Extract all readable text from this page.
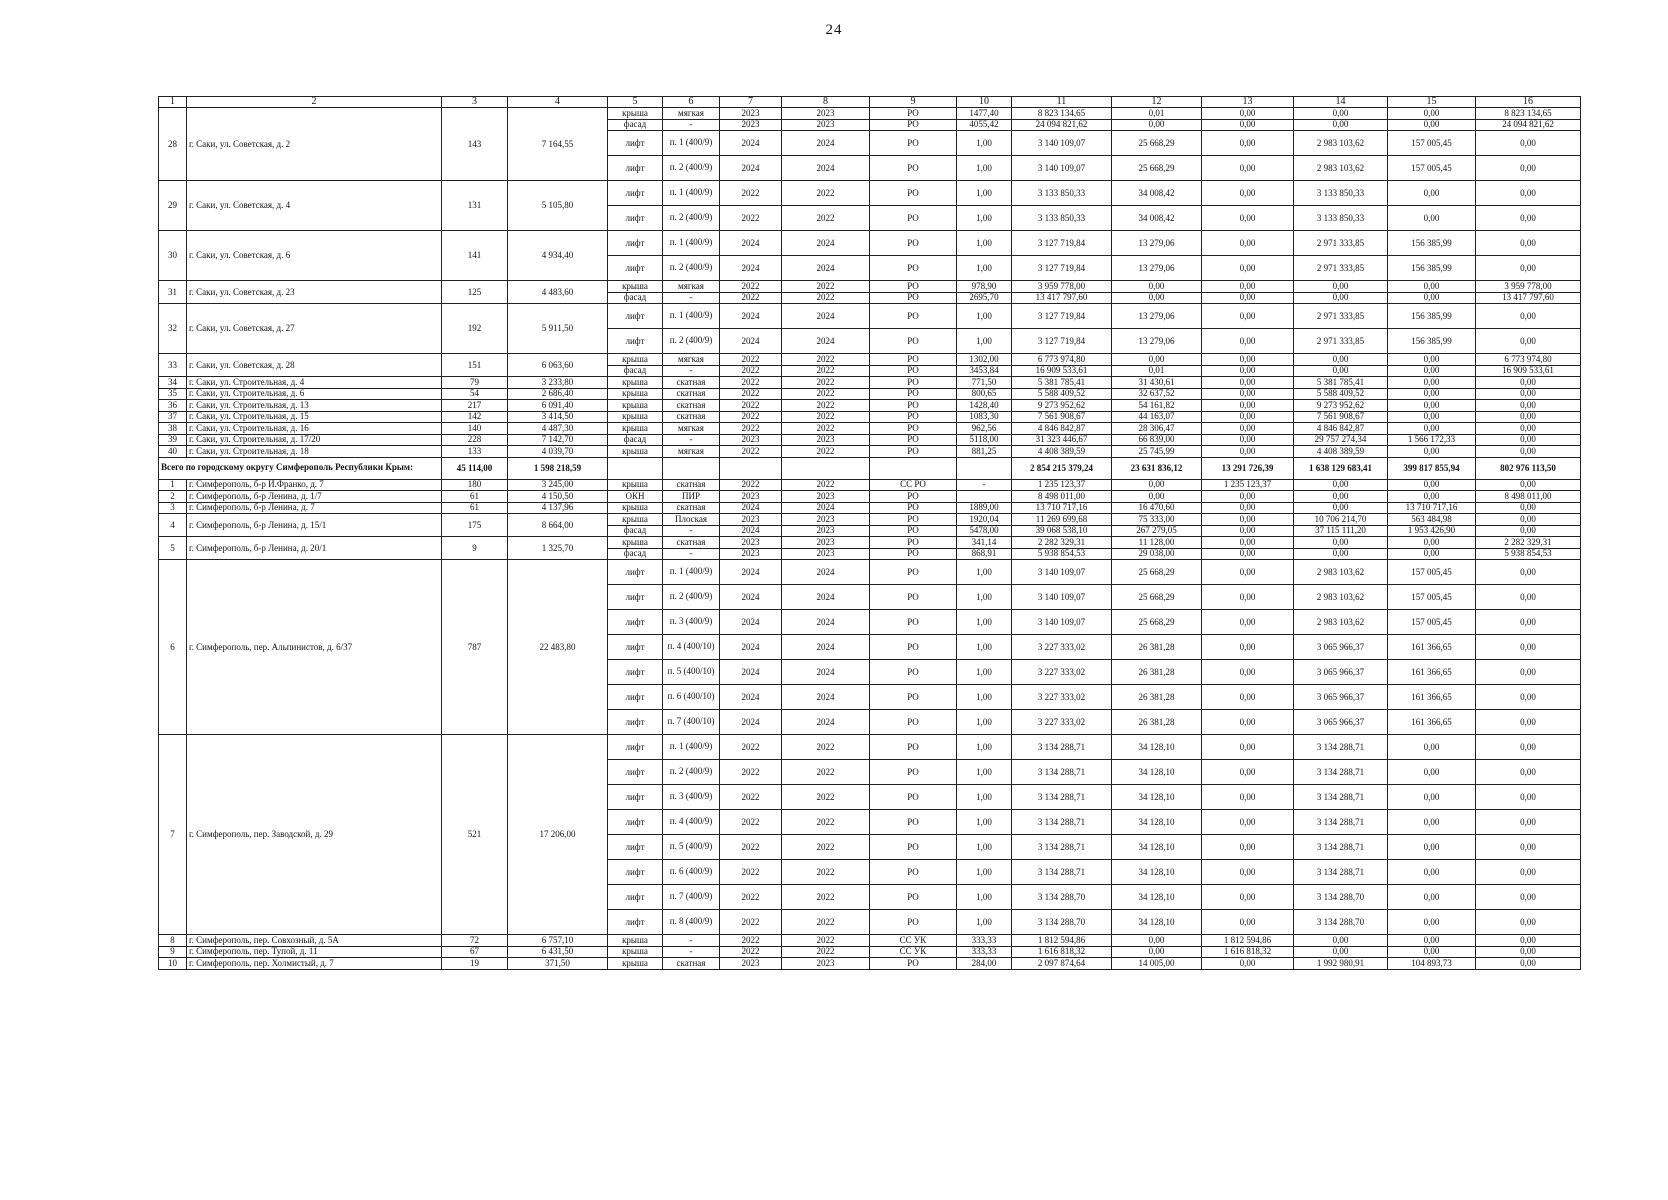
24
1	2	3	4	5	6	7	8	9	10	11	12	13	14	15	16
28	г. Саки, ул. Советская, д. 2	143	7 164,55	крыша	мягкая	2023	2023	РО	1477,40	8 823 134,65	0,01	0,00	0,00	0,00	8 823 134,65
				фасад	-	2023	2023	РО	4055,42	24 094 821,62	0,00	0,00	0,00	0,00	24 094 821,62
				лифт	п. 1 (400/9)	2024	2024	РО	1,00	3 140 109,07	25 668,29	0,00	2 983 103,62	157 005,45	0,00
				лифт	п. 2 (400/9)	2024	2024	РО	1,00	3 140 109,07	25 668,29	0,00	2 983 103,62	157 005,45	0,00
29	г. Саки, ул. Советская, д. 4	131	5 105,80	лифт	п. 1 (400/9)	2022	2022	РО	1,00	3 133 850,33	34 008,42	0,00	3 133 850,33	0,00	0,00
				лифт	п. 2 (400/9)	2022	2022	РО	1,00	3 133 850,33	34 008,42	0,00	3 133 850,33	0,00	0,00
30	г. Саки, ул. Советская, д. 6	141	4 934,40	лифт	п. 1 (400/9)	2024	2024	РО	1,00	3 127 719,84	13 279,06	0,00	2 971 333,85	156 385,99	0,00
				лифт	п. 2 (400/9)	2024	2024	РО	1,00	3 127 719,84	13 279,06	0,00	2 971 333,85	156 385,99	0,00
31	г. Саки, ул. Советская, д. 23	125	4 483,60	крыша	мягкая	2022	2022	РО	978,90	3 959 778,00	0,00	0,00	0,00	0,00	3 959 778,00
				фасад	-	2022	2022	РО	2695,70	13 417 797,60	0,00	0,00	0,00	0,00	13 417 797,60
32	г. Саки, ул. Советская, д. 27	192	5 911,50	лифт	п. 1 (400/9)	2024	2024	РО	1,00	3 127 719,84	13 279,06	0,00	2 971 333,85	156 385,99	0,00
				лифт	п. 2 (400/9)	2024	2024	РО	1,00	3 127 719,84	13 279,06	0,00	2 971 333,85	156 385,99	0,00
33	г. Саки, ул. Советская, д. 28	151	6 063,60	крыша	мягкая	2022	2022	РО	1302,00	6 773 974,80	0,00	0,00	0,00	0,00	6 773 974,80
				фасад	-	2022	2022	РО	3453,84	16 909 533,61	0,01	0,00	0,00	0,00	16 909 533,61
34	г. Саки, ул. Строительная, д. 4	79	3 233,80	крыша	скатная	2022	2022	РО	771,50	5 381 785,41	31 430,61	0,00	5 381 785,41	0,00	0,00
35	г. Саки, ул. Строительная, д. 6	54	2 686,40	крыша	скатная	2022	2022	РО	800,65	5 588 409,52	32 637,52	0,00	5 588 409,52	0,00	0,00
36	г. Саки, ул. Строительная, д. 13	217	6 091,40	крыша	скатная	2022	2022	РО	1428,40	9 273 952,62	54 161,82	0,00	9 273 952,62	0,00	0,00
37	г. Саки, ул. Строительная, д. 15	142	3 414,50	крыша	скатная	2022	2022	РО	1083,30	7 561 908,67	44 163,07	0,00	7 561 908,67	0,00	0,00
38	г. Саки, ул. Строительная, д. 16	140	4 487,30	крыша	мягкая	2022	2022	РО	962,56	4 846 842,87	28 306,47	0,00	4 846 842,87	0,00	0,00
39	г. Саки, ул. Строительная, д. 17/20	228	7 142,70	фасад	-	2023	2023	РО	5118,00	31 323 446,67	66 839,00	0,00	29 757 274,34	1 566 172,33	0,00
40	г. Саки, ул. Строительная, д. 18	133	4 039,70	крыша	мягкая	2022	2022	РО	881,25	4 408 389,59	25 745,99	0,00	4 408 389,59	0,00	0,00
Всего по городскому округу Симферополь Республики Крым:		45 114,00	1 598 218,59							2 854 215 379,24	23 631 836,12	13 291 726,39	1 638 129 683,41	399 817 855,94	802 976 113,50
1	г. Симферополь, б-р И.Франко, д. 7	180	3 245,00	крыша	скатная	2022	2022	СС РО	-	1 235 123,37	0,00	1 235 123,37	0,00	0,00	0,00
2	г. Симферополь, б-р Ленина, д. 1/7	61	4 150,50	ОКН	ПИР	2023	2023	РО		8 498 011,00	0,00	0,00	0,00	0,00	8 498 011,00
3	г. Симферополь, б-р Ленина, д. 7	61	4 137,96	крыша	скатная	2024	2024	РО	1889,00	13 710 717,16	16 470,60	0,00	0,00	13 710 717,16	0,00
4	г. Симферополь, б-р Ленина, д. 15/1	175	8 664,00	крыша	Плоская	2023	2023	РО	1920,04	11 269 699,68	75 333,00	0,00	10 706 214,70	563 484,98	0,00
				фасад	-	2024	2023	РО	5478,00	39 068 538,10	267 279,05	0,00	37 115 111,20	1 953 426,90	0,00
5	г. Симферополь, б-р Ленина, д. 20/1	9	1 325,70	крыша	скатная	2023	2023	РО	341,14	2 282 329,31	11 128,00	0,00	0,00	0,00	2 282 329,31
				фасад	-	2023	2023	РО	868,91	5 938 854,53	29 038,00	0,00	0,00	0,00	5 938 854,53
6	г. Симферополь, пер. Альпинистов, д. 6/37	787	22 483,80	лифт	п. 1 (400/9)	2024	2024	РО	1,00	3 140 109,07	25 668,29	0,00	2 983 103,62	157 005,45	0,00
				лифт	п. 2 (400/9)	2024	2024	РО	1,00	3 140 109,07	25 668,29	0,00	2 983 103,62	157 005,45	0,00
				лифт	п. 3 (400/9)	2024	2024	РО	1,00	3 140 109,07	25 668,29	0,00	2 983 103,62	157 005,45	0,00
				лифт	п. 4 (400/10)	2024	2024	РО	1,00	3 227 333,02	26 381,28	0,00	3 065 966,37	161 366,65	0,00
				лифт	п. 5 (400/10)	2024	2024	РО	1,00	3 227 333,02	26 381,28	0,00	3 065 966,37	161 366,65	0,00
				лифт	п. 6 (400/10)	2024	2024	РО	1,00	3 227 333,02	26 381,28	0,00	3 065 966,37	161 366,65	0,00
				лифт	п. 7 (400/10)	2024	2024	РО	1,00	3 227 333,02	26 381,28	0,00	3 065 966,37	161 366,65	0,00
7	г. Симферополь, пер. Заводской, д. 29	521	17 206,00	лифт	п. 1 (400/9)	2022	2022	РО	1,00	3 134 288,71	34 128,10	0,00	3 134 288,71	0,00	0,00
				лифт	п. 2 (400/9)	2022	2022	РО	1,00	3 134 288,71	34 128,10	0,00	3 134 288,71	0,00	0,00
				лифт	п. 3 (400/9)	2022	2022	РО	1,00	3 134 288,71	34 128,10	0,00	3 134 288,71	0,00	0,00
				лифт	п. 4 (400/9)	2022	2022	РО	1,00	3 134 288,71	34 128,10	0,00	3 134 288,71	0,00	0,00
				лифт	п. 5 (400/9)	2022	2022	РО	1,00	3 134 288,71	34 128,10	0,00	3 134 288,71	0,00	0,00
				лифт	п. 6 (400/9)	2022	2022	РО	1,00	3 134 288,71	34 128,10	0,00	3 134 288,71	0,00	0,00
				лифт	п. 7 (400/9)	2022	2022	РО	1,00	3 134 288,70	34 128,10	0,00	3 134 288,70	0,00	0,00
				лифт	п. 8 (400/9)	2022	2022	РО	1,00	3 134 288,70	34 128,10	0,00	3 134 288,70	0,00	0,00
8	г. Симферополь, пер. Совхозный, д. 5А	72	6 757,10	крыша	-	2022	2022	СС УК	333,33	1 812 594,86	0,00	1 812 594,86	0,00	0,00	0,00
9	г. Симферополь, пер. Тупой, д. 11	67	6 431,50	крыша	-	2022	2022	СС УК	333,33	1 616 818,32	0,00	1 616 818,32	0,00	0,00	0,00
10	г. Симферополь, пер. Холмистый, д. 7	19	371,50	крыша	скатная	2023	2023	РО	284,00	2 097 874,64	14 005,00	0,00	1 992 980,91	104 893,73	0,00
